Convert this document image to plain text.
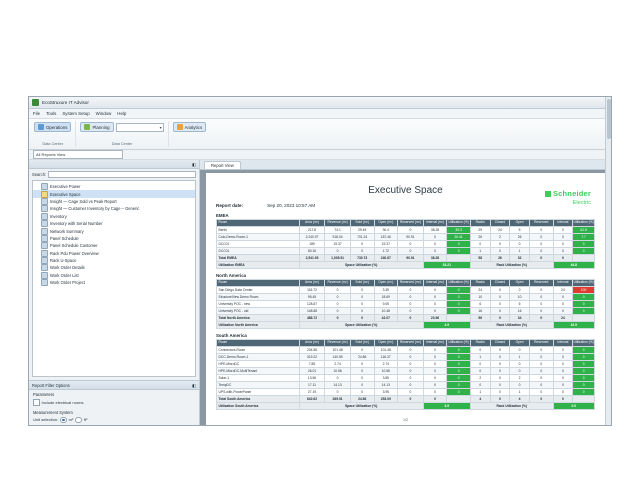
EcoStruxure IT Advisor
File Tools System Setup Window Help
Operations
Data Center
Planning	▾
Data Center
Analytics
All Reports View
◧
Search:
Executive Power
Executive Space
Insight — Cage Sold vs Peak Report
Insight — Customer Inventory by Cage – Generic
Inventory
Inventory with Serial Number
Network Summary
Panel Schedule
Panel Schedule Customer
Rack Pdu Power Overview
Rack U-Space
Work Order Details
Work Order List
Work Order Project
Report Filter Options	◧
Parameters
Include electrical rooms
Measurement System
Unit selection:	m²	ft²
Report View
Schneider
Electric
Executive Space
Report date:	Sep 20, 2023 10:57 AM
EMEA
Room	Area (m²)	Revenue (m²)	Sold (m²)	Open (m²)	Reserved (m²)	Internal (m²)	Utilization (%)	Racks	Closed	Open	Reserved	Internal	Utilization (%)
Berlin	217.8	74.1	29.49	30.4	0	38.28	35.3	29	24	5	0	0	62.5
Colo-Demo-Room-1	2,240.97	918.04	701.24	187.46	90.91	0	30.41	26	2	26	0	0	7.7
DCC01	189	19.37	0	19.37	0	0	0	0	0	0	0	0	0
DCC01	83.16	0	0	1.72	0	0	0	1	0	1	0	0	0
Total EMEA	2,541.93	1,005.51	730.73	240.67	90.91	38.28		58	26	32	0	0	
Utilization EMEA	Space Utilization (%)					33.21		Rack Utilization (%)				44.8	
North America
Room	Area (m²)	Revenue (m²)	Sold (m²)	Open (m²)	Reserved (m²)	Internal (m²)	Utilization (%)	Racks	Closed	Open	Reserved	Internal	Utilization (%)
San Diego Data Center	115.72	0	0	3.35	0	0	0	24	0	0	0	24	100
StructureView Demo Room	95.45	0	0	18.69	0	0	0	10	0	10	0	0	0
University POC - new	128.87	0	0	9.05	0	0	0	6	0	6	0	0	0
University POC - old	148.68	0	0	10.48	0	0	0	16	0	16	0	0	0
Total North America	488.72	0	0	42.07	0	23.96		56	0	34	0	24	
Utilization North America	Space Utilization (%)					4.9		Rack Utilization (%)				42.9	
South America
Room	Area (m²)	Revenue (m²)	Sold (m²)	Open (m²)	Reserved (m²)	Internal (m²)	Utilization (%)	Racks	Closed	Open	Reserved	Internal	Utilization (%)
Connectors-Room	234.58	101.48	0	101.48	0	0	0	0	0	0	0	0	0
DCC-Demo-Room-1	319.22	140.59	24.86	116.37	0	0	0	1	0	1	0	0	0
HPE-MicroDC	7.85	2.74	0	2.74	0	0	0	0	0	0	0	0	0
HPE-MicroDC-MultiTenant	26.01	10.56	0	10.56	0	0	0	0	0	0	0	0	0
Solar-1	13.56	0	0	3.85	0	0	0	2	0	2	0	0	0
TempDC	17.11	14.13	0	14.13	0	0	0	0	0	0	0	0	0
UPS-with-PowerPanel	27.19	0	0	3.95	0	0	0	1	0	1	0	0	0
Total South America	642.62	269.51	24.86	253.09	0	0		4	0	4	0	0	
Utilization South America	Space Utilization (%)					3.9		Rack Utilization (%)				0.0	
1/2
